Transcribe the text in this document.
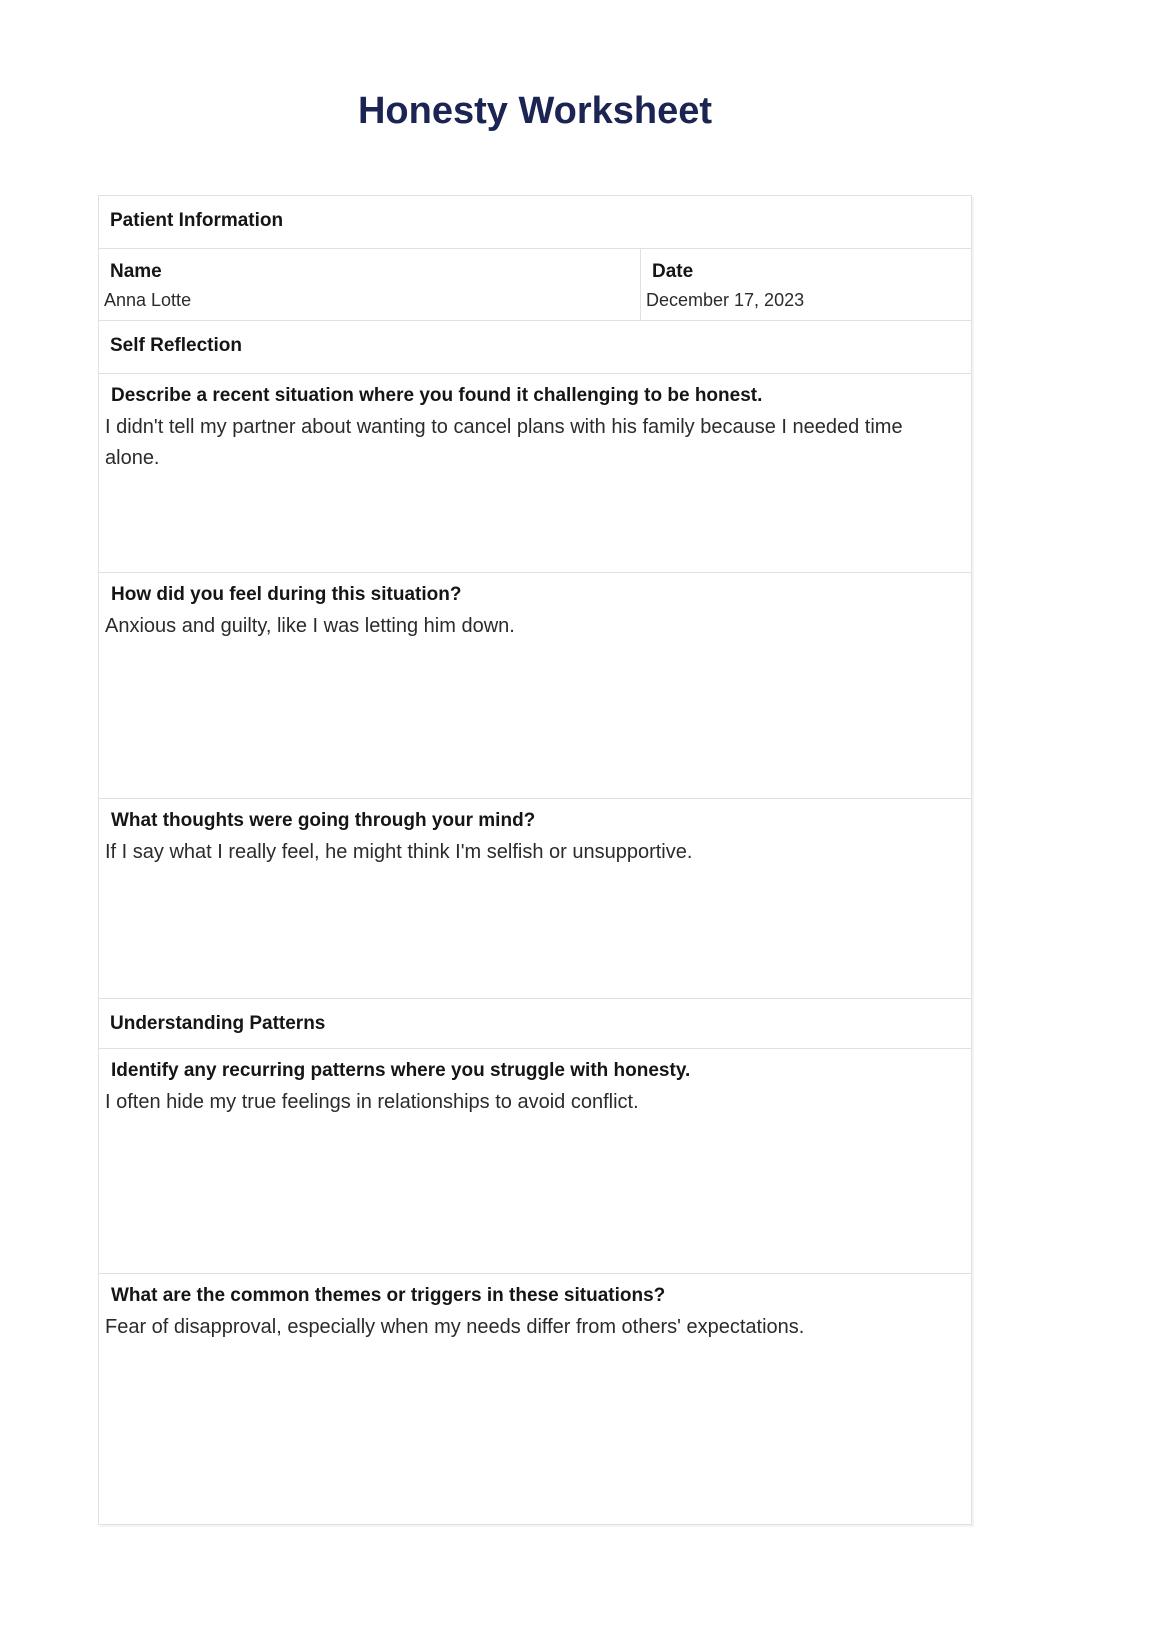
Honesty Worksheet
Patient Information
Name
Anna Lotte
Date
December 17, 2023
Self Reflection
Describe a recent situation where you found it challenging to be honest.
I didn't tell my partner about wanting to cancel plans with his family because I needed time alone.
How did you feel during this situation?
Anxious and guilty, like I was letting him down.
What thoughts were going through your mind?
If I say what I really feel, he might think I'm selfish or unsupportive.
Understanding Patterns
Identify any recurring patterns where you struggle with honesty.
I often hide my true feelings in relationships to avoid conflict.
What are the common themes or triggers in these situations?
Fear of disapproval, especially when my needs differ from others' expectations.
